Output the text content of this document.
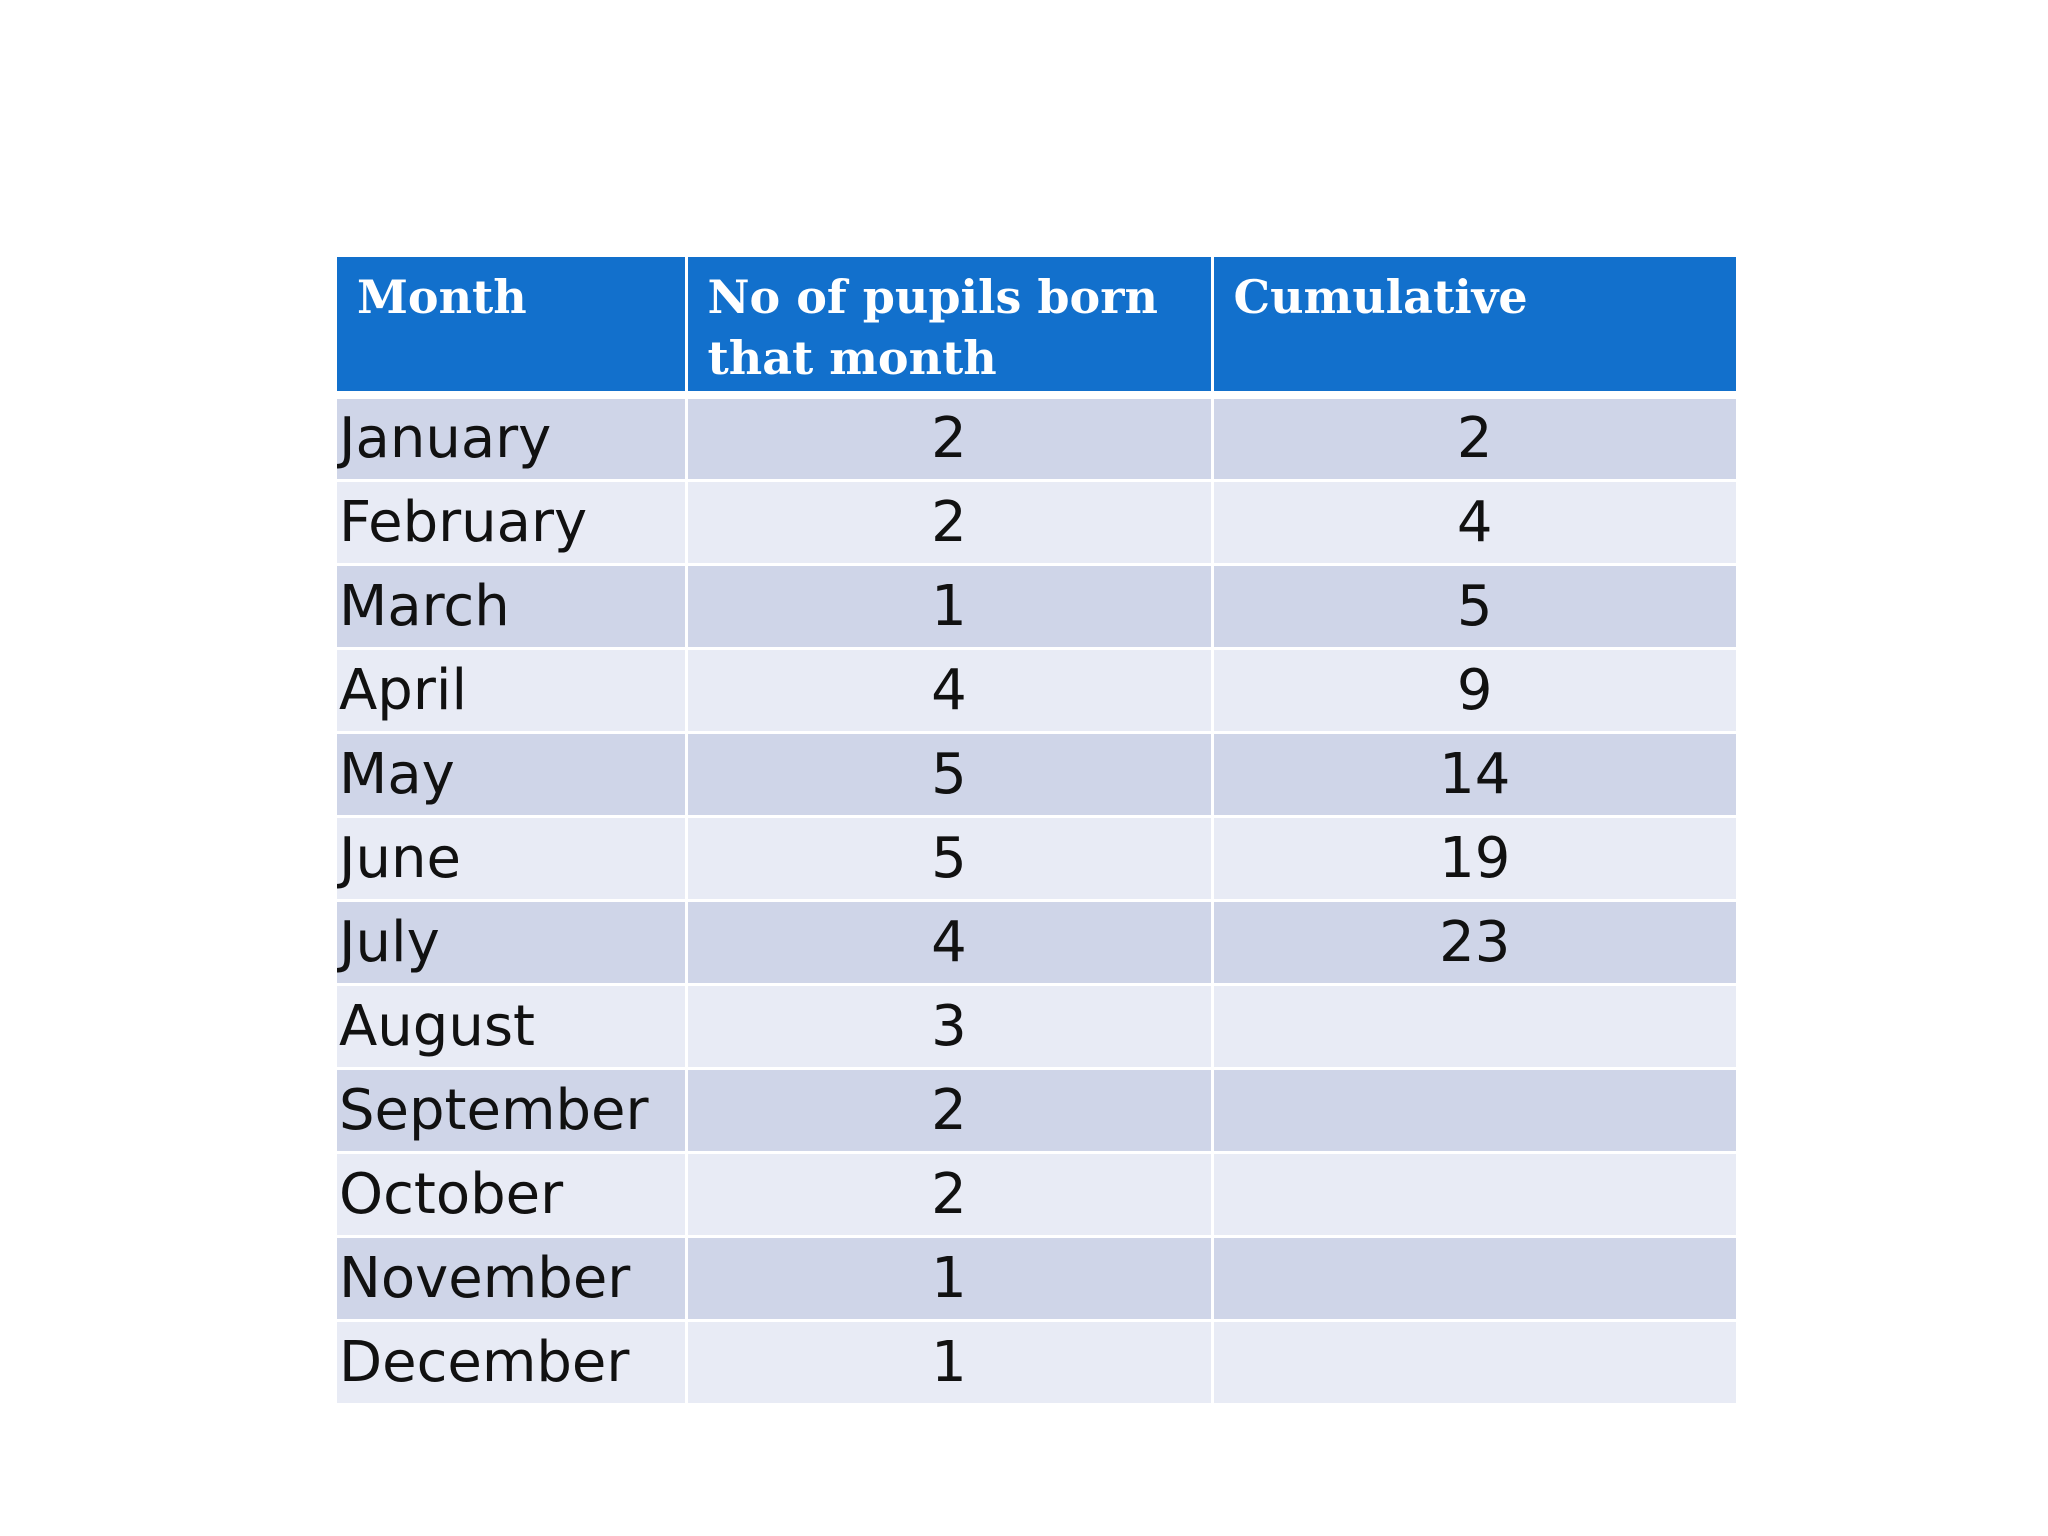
Month	No of pupils born that month	Cumulative
January	2	2
February	2	4
March	1	5
April	4	9
May	5	14
June	5	19
July	4	23
August	3	
September	2	
October	2	
November	1	
December	1	
